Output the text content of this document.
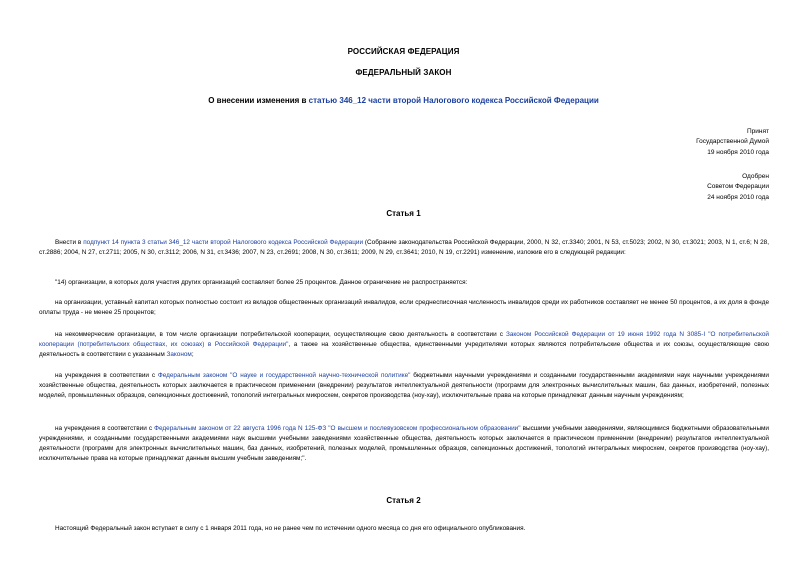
РОССИЙСКАЯ ФЕДЕРАЦИЯ
ФЕДЕРАЛЬНЫЙ ЗАКОН
О внесении изменения в статью 346_12 части второй Налогового кодекса Российской Федерации
Принят
Государственной Думой
19 ноября 2010 года
Одобрен
Советом Федерации
24 ноября 2010 года
Статья 1
Внести в подпункт 14 пункта 3 статьи 346_12 части второй Налогового кодекса Российской Федерации (Собрание законодательства Российской Федерации, 2000, N 32, ст.3340; 2001, N 53, ст.5023; 2002, N 30, ст.3021; 2003, N 1, ст.6; N 28, ст.2886; 2004, N 27, ст.2711; 2005, N 30, ст.3112; 2006, N 31, ст.3436; 2007, N 23, ст.2691; 2008, N 30, ст.3611; 2009, N 29, ст.3641; 2010, N 19, ст.2291) изменение, изложив его в следующей редакции:
"14) организации, в которых доля участия других организаций составляет более 25 процентов. Данное ограничение не распространяется:
на организации, уставный капитал которых полностью состоит из вкладов общественных организаций инвалидов, если среднесписочная численность инвалидов среди их работников составляет не менее 50 процентов, а их доля в фонде оплаты труда - не менее 25 процентов;
на некоммерческие организации, в том числе организации потребительской кооперации, осуществляющие свою деятельность в соответствии с Законом Российской Федерации от 19 июня 1992 года N 3085-I "О потребительской кооперации (потребительских обществах, их союзах) в Российской Федерации", а также на хозяйственные общества, единственными учредителями которых являются потребительские общества и их союзы, осуществляющие свою деятельность в соответствии с указанным Законом;
на учреждения в соответствии с Федеральным законом "О науке и государственной научно-технической политике" бюджетными научными учреждениями и созданными государственными академиями наук научными учреждениями хозяйственные общества, деятельность которых заключается в практическом применении (внедрении) результатов интеллектуальной деятельности (программ для электронных вычислительных машин, баз данных, изобретений, полезных моделей, промышленных образцов, селекционных достижений, топологий интегральных микросхем, секретов производства (ноу-хау), исключительные права на которые принадлежат данным научным учреждениям;
на учреждения в соответствии с Федеральным законом от 22 августа 1996 года N 125-ФЗ "О высшем и послевузовском профессиональном образовании" высшими учебными заведениями, являющимися бюджетными образовательными учреждениями, и созданными государственными академиями наук высшими учебными заведениями хозяйственные общества, деятельность которых заключается в практическом применении (внедрении) результатов интеллектуальной деятельности (программ для электронных вычислительных машин, баз данных, изобретений, полезных моделей, промышленных образцов, селекционных достижений, топологий интегральных микросхем, секретов производства (ноу-хау), исключительные права на которые принадлежат данным высшим учебным заведениям;".
Статья 2
Настоящий Федеральный закон вступает в силу с 1 января 2011 года, но не ранее чем по истечении одного месяца со дня его официального опубликования.
